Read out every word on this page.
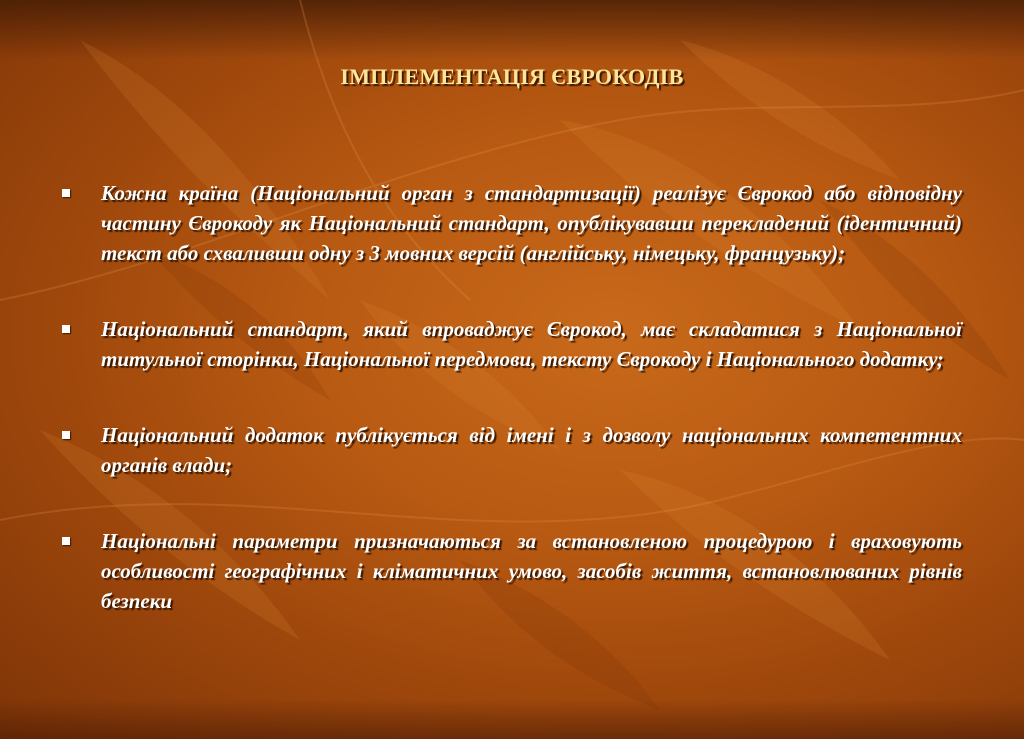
ІМПЛЕМЕНТАЦІЯ ЄВРОКОДІВ
Кожна країна (Національний орган з стандартизації) реалізує Єврокод або відповідну частину Єврокоду як Національний стандарт, опублікувавши перекладений (ідентичний) текст або схваливши одну з 3 мовних версій (англійську, німецьку, французьку);
Національний стандарт, який впроваджує Єврокод, має складатися з Національної титульної сторінки, Національної передмови, тексту Єврокоду і Національного додатку;
Національний додаток публікується від імені і з дозволу національних компетентних органів влади;
Національні параметри призначаються за встановленою процедурою і враховують особливості географічних і кліматичних умово, засобів життя, встановлюваних рівнів безпеки
